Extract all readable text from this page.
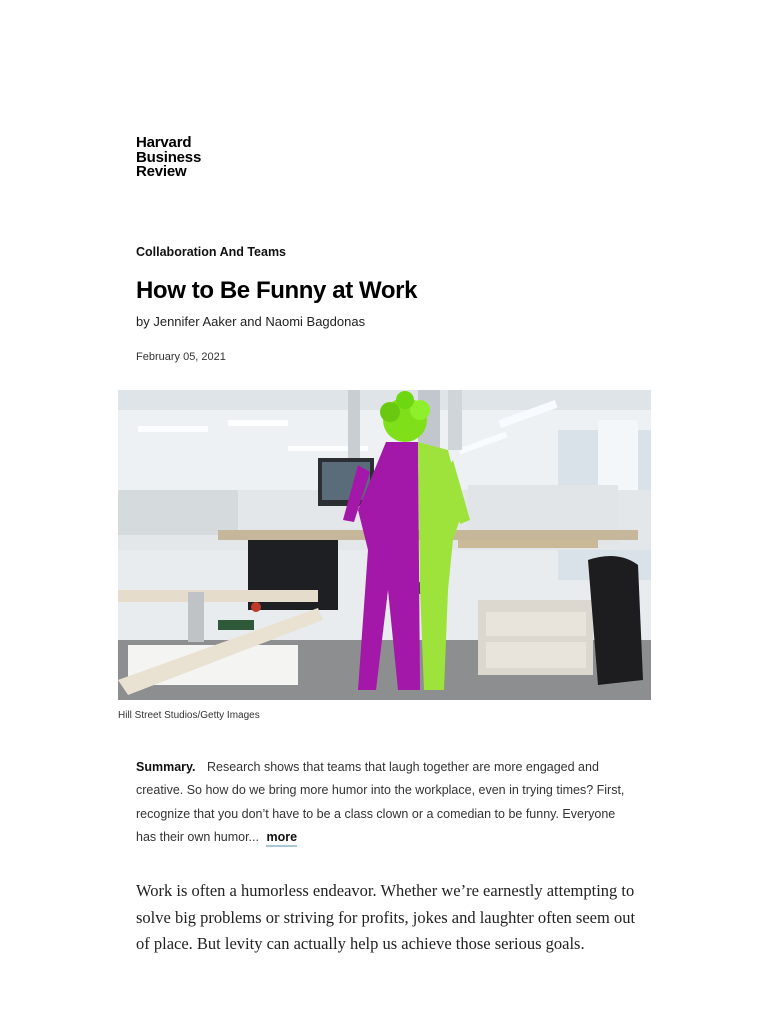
Harvard
Business
Review
Collaboration And Teams
How to Be Funny at Work
by Jennifer Aaker and Naomi Bagdonas
February 05, 2021
Hill Street Studios/Getty Images
Summary. Research shows that teams that laugh together are more engaged and creative. So how do we bring more humor into the workplace, even in trying times? First, recognize that you don’t have to be a class clown or a comedian to be funny. Everyone has their own humor... more

Work is often a humorless endeavor. Whether we’re earnestly attempting to solve big problems or striving for profits, jokes and laughter often seem out of place. But levity can actually help us achieve those serious goals.
